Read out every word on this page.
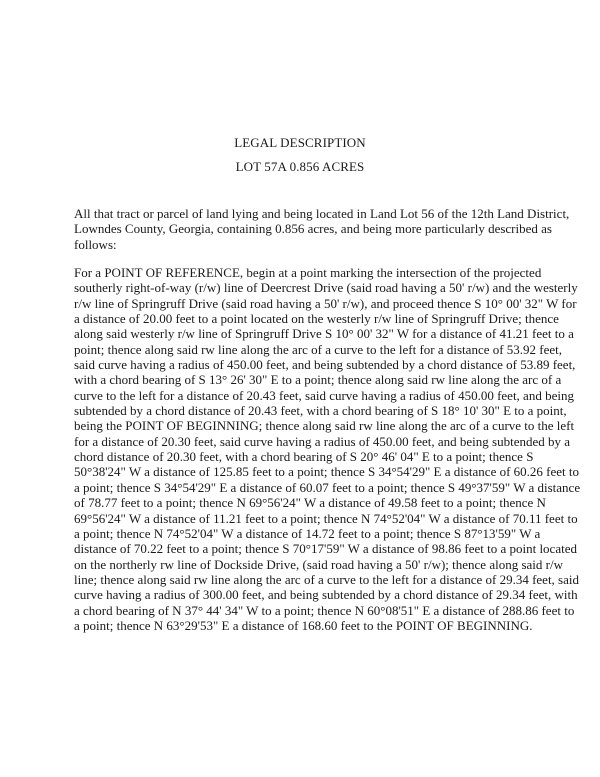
LEGAL DESCRIPTION
LOT 57A 0.856 ACRES
All that tract or parcel of land lying and being located in Land Lot 56 of the 12th Land District,
Lowndes County, Georgia, containing 0.856 acres, and being more particularly described as
follows:
For a POINT OF REFERENCE, begin at a point marking the intersection of the projected
southerly right-of-way (r/w) line of Deercrest Drive (said road having a 50' r/w) and the westerly
r/w line of Springruff Drive (said road having a 50' r/w), and proceed thence S 10° 00' 32" W for
a distance of 20.00 feet to a point located on the westerly r/w line of Springruff Drive; thence
along said westerly r/w line of Springruff Drive S 10° 00' 32" W for a distance of 41.21 feet to a
point; thence along said rw line along the arc of a curve to the left for a distance of 53.92 feet,
said curve having a radius of 450.00 feet, and being subtended by a chord distance of 53.89 feet,
with a chord bearing of S 13° 26' 30" E to a point; thence along said rw line along the arc of a
curve to the left for a distance of 20.43 feet, said curve having a radius of 450.00 feet, and being
subtended by a chord distance of 20.43 feet, with a chord bearing of S 18° 10' 30" E to a point,
being the POINT OF BEGINNING; thence along said rw line along the arc of a curve to the left
for a distance of 20.30 feet, said curve having a radius of 450.00 feet, and being subtended by a
chord distance of 20.30 feet, with a chord bearing of S 20° 46' 04" E to a point; thence S
50°38'24" W a distance of 125.85 feet to a point; thence S 34°54'29" E a distance of 60.26 feet to
a point; thence S 34°54'29" E a distance of 60.07 feet to a point; thence S 49°37'59" W a distance
of 78.77 feet to a point; thence N 69°56'24" W a distance of 49.58 feet to a point; thence N
69°56'24" W a distance of 11.21 feet to a point; thence N 74°52'04" W a distance of 70.11 feet to
a point; thence N 74°52'04" W a distance of 14.72 feet to a point; thence S 87°13'59" W a
distance of 70.22 feet to a point; thence S 70°17'59" W a distance of 98.86 feet to a point located
on the northerly rw line of Dockside Drive, (said road having a 50' r/w); thence along said r/w
line; thence along said rw line along the arc of a curve to the left for a distance of 29.34 feet, said
curve having a radius of 300.00 feet, and being subtended by a chord distance of 29.34 feet, with
a chord bearing of N 37° 44' 34" W to a point; thence N 60°08'51" E a distance of 288.86 feet to
a point; thence N 63°29'53" E a distance of 168.60 feet to the POINT OF BEGINNING.
